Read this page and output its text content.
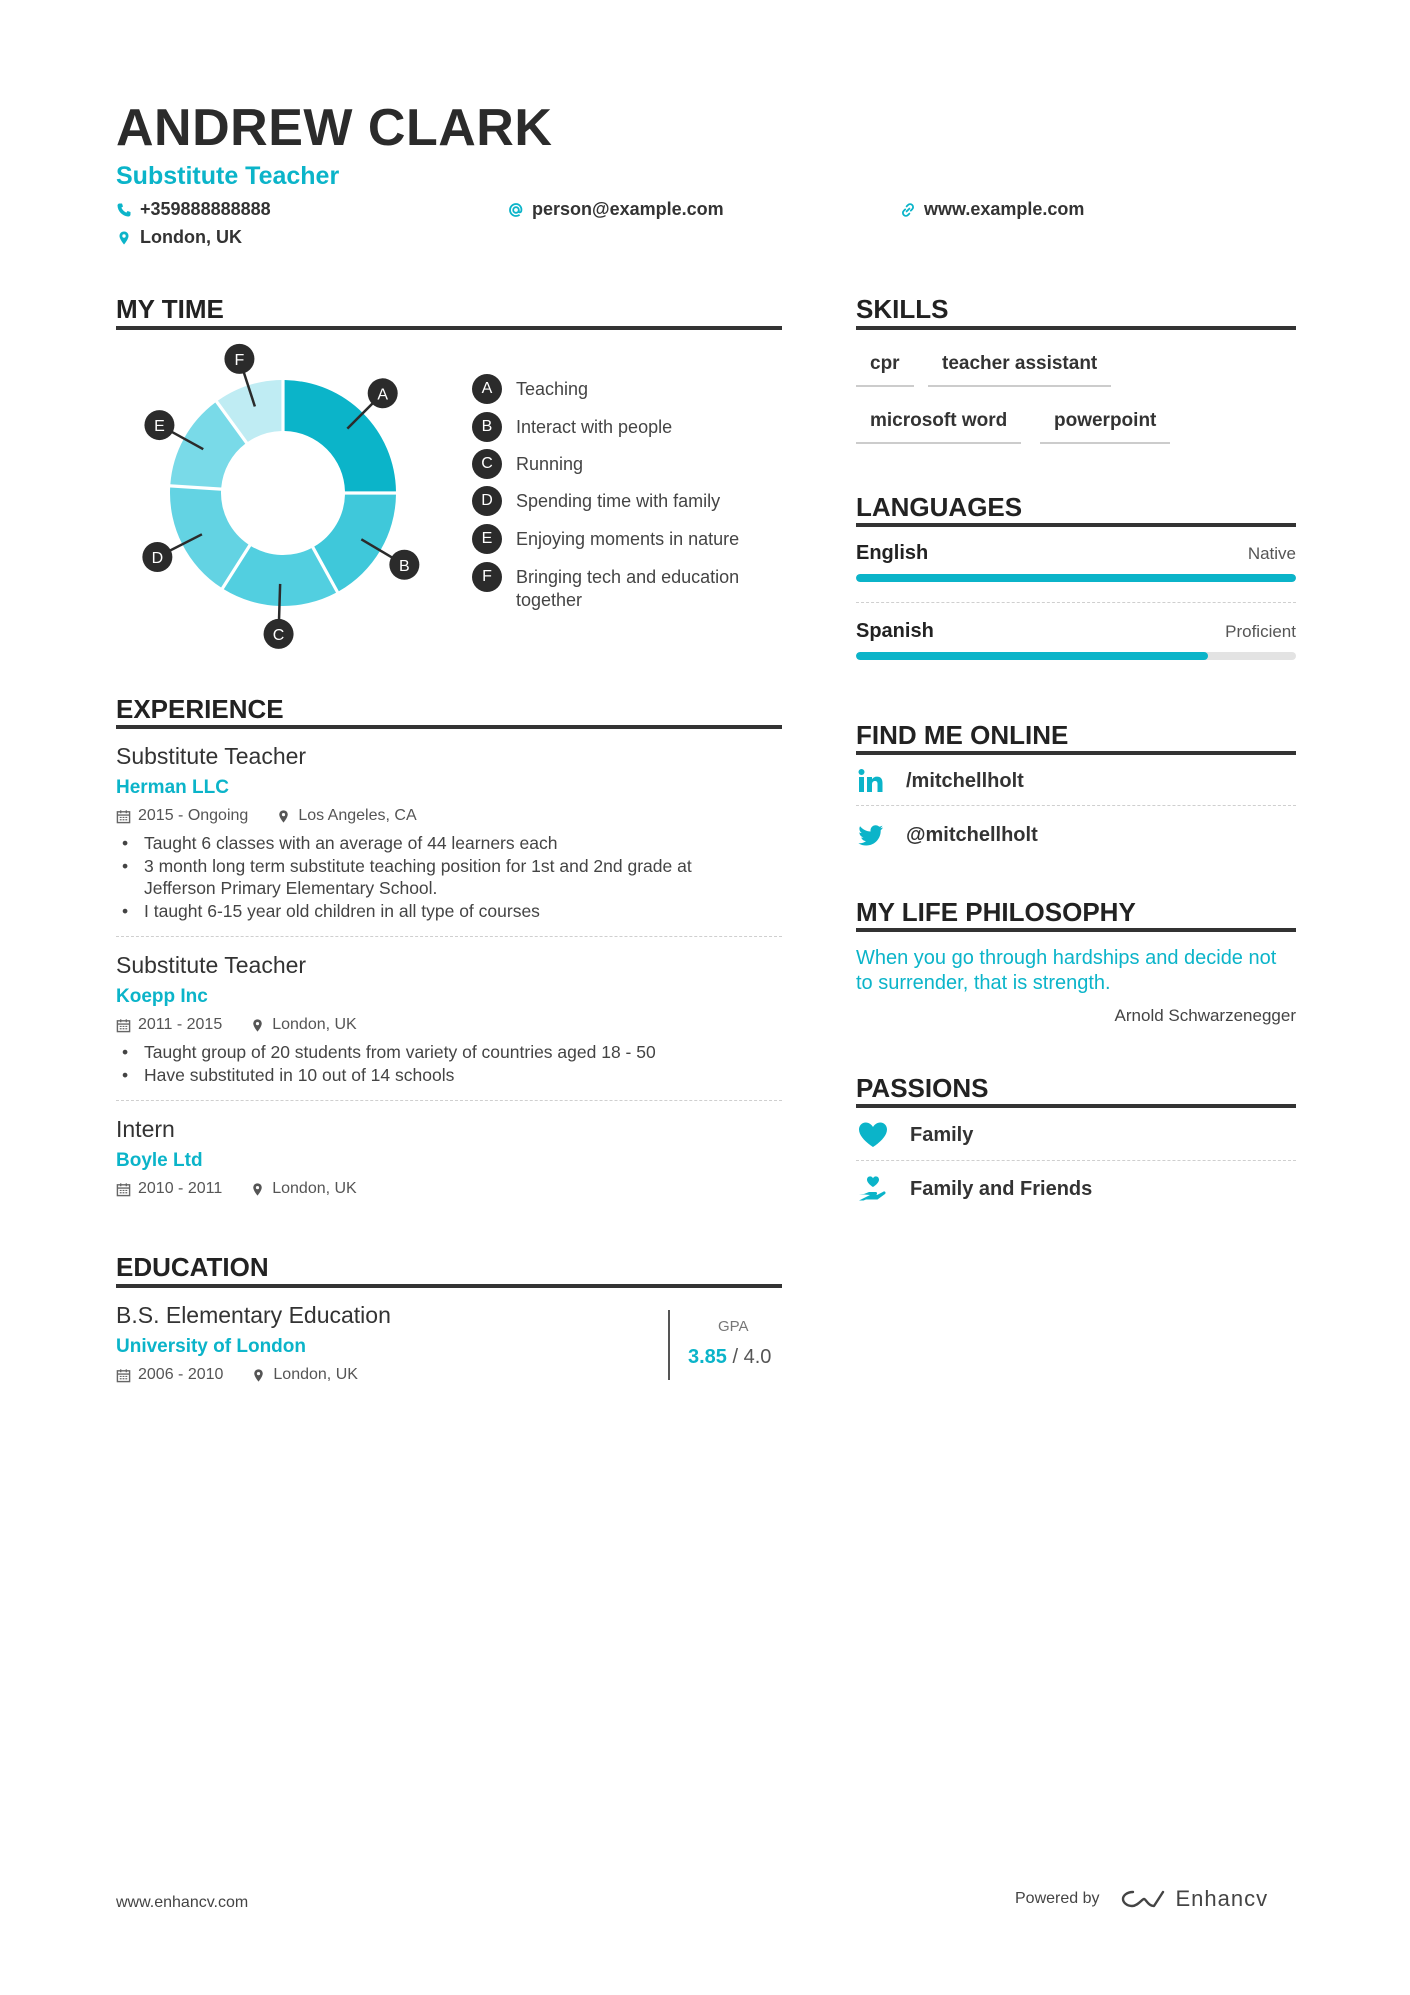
ANDREW CLARK
Substitute Teacher
+359888888888	person@example.com	www.example.com
London, UK
MY TIME
A
B
C
D
E
F
A	Teaching
B	Interact with people
C	Running
D	Spending time with family
E	Enjoying moments in nature
F	Bringing tech and education together
EXPERIENCE
Substitute Teacher
Herman LLC
2015 - Ongoing	Los Angeles, CA
• Taught 6 classes with an average of 44 learners each
• 3 month long term substitute teaching position for 1st and 2nd grade at Jefferson Primary Elementary School.
• I taught 6-15 year old children in all type of courses
Substitute Teacher
Koepp Inc
2011 - 2015	London, UK
• Taught group of 20 students from variety of countries aged 18 - 50
• Have substituted in 10 out of 14 schools
Intern
Boyle Ltd
2010 - 2011	London, UK
EDUCATION
B.S. Elementary Education
University of London
2006 - 2010	London, UK
GPA
3.85 / 4.0
SKILLS
cpr	teacher assistant
microsoft word	powerpoint
LANGUAGES
English	Native
Spanish	Proficient
FIND ME ONLINE
/mitchellholt
@mitchellholt
MY LIFE PHILOSOPHY
When you go through hardships and decide not to surrender, that is strength.
Arnold Schwarzenegger
PASSIONS
Family
Family and Friends
www.enhancv.com	Powered by	Enhancv
